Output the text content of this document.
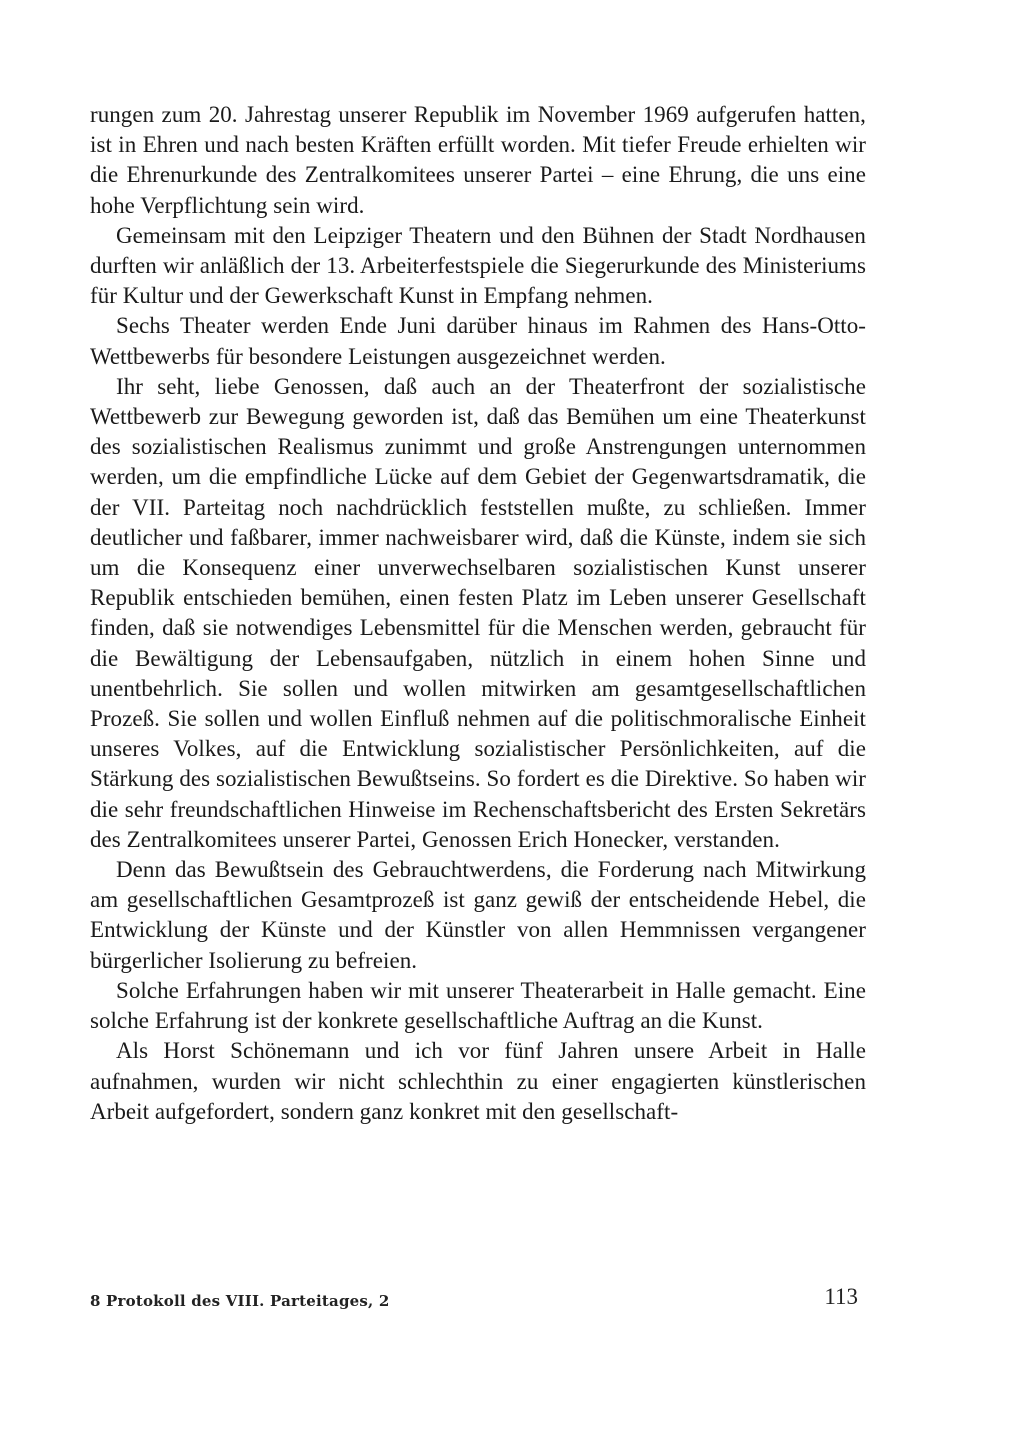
rungen zum 20. Jahrestag unserer Republik im November 1969 aufgerufen hatten, ist in Ehren und nach besten Kräften erfüllt worden. Mit tiefer Freude erhielten wir die Ehrenurkunde des Zentralkomitees unserer Partei – eine Ehrung, die uns eine hohe Verpflichtung sein wird.

Gemeinsam mit den Leipziger Theatern und den Bühnen der Stadt Nordhausen durften wir anläßlich der 13. Arbeiterfestspiele die Siegerurkunde des Ministeriums für Kultur und der Gewerkschaft Kunst in Empfang nehmen.

Sechs Theater werden Ende Juni darüber hinaus im Rahmen des Hans-Otto-Wettbewerbs für besondere Leistungen ausgezeichnet werden.

Ihr seht, liebe Genossen, daß auch an der Theaterfront der sozialistische Wettbewerb zur Bewegung geworden ist, daß das Bemühen um eine Theaterkunst des sozialistischen Realismus zunimmt und große Anstrengungen unternommen werden, um die empfindliche Lücke auf dem Gebiet der Gegenwartsdramatik, die der VII. Parteitag noch nachdrücklich feststellen mußte, zu schließen. Immer deutlicher und faßbarer, immer nachweisbarer wird, daß die Künste, indem sie sich um die Konsequenz einer unverwechselbaren sozialistischen Kunst unserer Republik entschieden bemühen, einen festen Platz im Leben unserer Gesellschaft finden, daß sie notwendiges Lebensmittel für die Menschen werden, gebraucht für die Bewältigung der Lebensaufgaben, nützlich in einem hohen Sinne und unentbehrlich. Sie sollen und wollen mitwirken am gesamtgesellschaftlichen Prozeß. Sie sollen und wollen Einfluß nehmen auf die politischmoralische Einheit unseres Volkes, auf die Entwicklung sozialistischer Persönlichkeiten, auf die Stärkung des sozialistischen Bewußtseins. So fordert es die Direktive. So haben wir die sehr freundschaftlichen Hinweise im Rechenschaftsbericht des Ersten Sekretärs des Zentralkomitees unserer Partei, Genossen Erich Honecker, verstanden.

Denn das Bewußtsein des Gebrauchtwerdens, die Forderung nach Mitwirkung am gesellschaftlichen Gesamtprozeß ist ganz gewiß der entscheidende Hebel, die Entwicklung der Künste und der Künstler von allen Hemmnissen vergangener bürgerlicher Isolierung zu befreien.

Solche Erfahrungen haben wir mit unserer Theaterarbeit in Halle gemacht. Eine solche Erfahrung ist der konkrete gesellschaftliche Auftrag an die Kunst.

Als Horst Schönemann und ich vor fünf Jahren unsere Arbeit in Halle aufnahmen, wurden wir nicht schlechthin zu einer engagierten künstlerischen Arbeit aufgefordert, sondern ganz konkret mit den gesellschaft-

8 Protokoll des VIII. Parteitages, 2	113
